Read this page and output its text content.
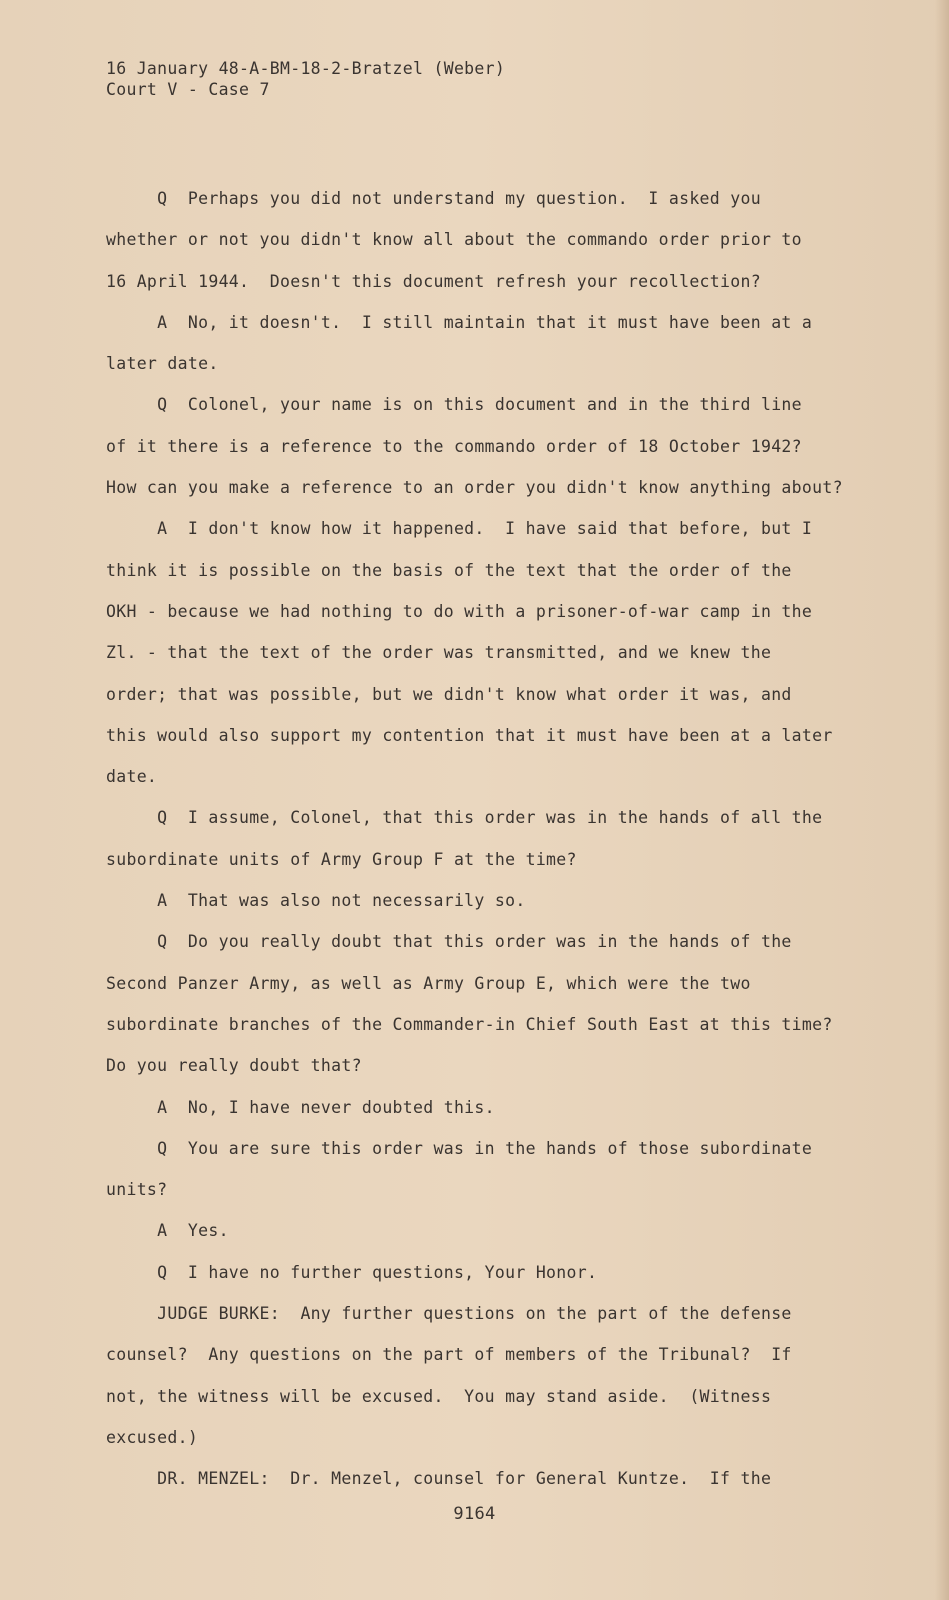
16 January 48-A-BM-18-2-Bratzel (Weber)
Court V - Case 7
Q  Perhaps you did not understand my question.  I asked you
whether or not you didn't know all about the commando order prior to
16 April 1944.  Doesn't this document refresh your recollection?
A  No, it doesn't.  I still maintain that it must have been at a
later date.
Q  Colonel, your name is on this document and in the third line
of it there is a reference to the commando order of 18 October 1942?
How can you make a reference to an order you didn't know anything about?
A  I don't know how it happened.  I have said that before, but I
think it is possible on the basis of the text that the order of the
OKH - because we had nothing to do with a prisoner-of-war camp in the
Zl. - that the text of the order was transmitted, and we knew the
order; that was possible, but we didn't know what order it was, and
this would also support my contention that it must have been at a later
date.
Q  I assume, Colonel, that this order was in the hands of all the
subordinate units of Army Group F at the time?
A  That was also not necessarily so.
Q  Do you really doubt that this order was in the hands of the
Second Panzer Army, as well as Army Group E, which were the two
subordinate branches of the Commander-in Chief South East at this time?
Do you really doubt that?
A  No, I have never doubted this.
Q  You are sure this order was in the hands of those subordinate
units?
A  Yes.
Q  I have no further questions, Your Honor.
JUDGE BURKE:  Any further questions on the part of the defense
counsel?  Any questions on the part of members of the Tribunal?  If
not, the witness will be excused.  You may stand aside.  (Witness
excused.)
DR. MENZEL:  Dr. Menzel, counsel for General Kuntze.  If the
9164
